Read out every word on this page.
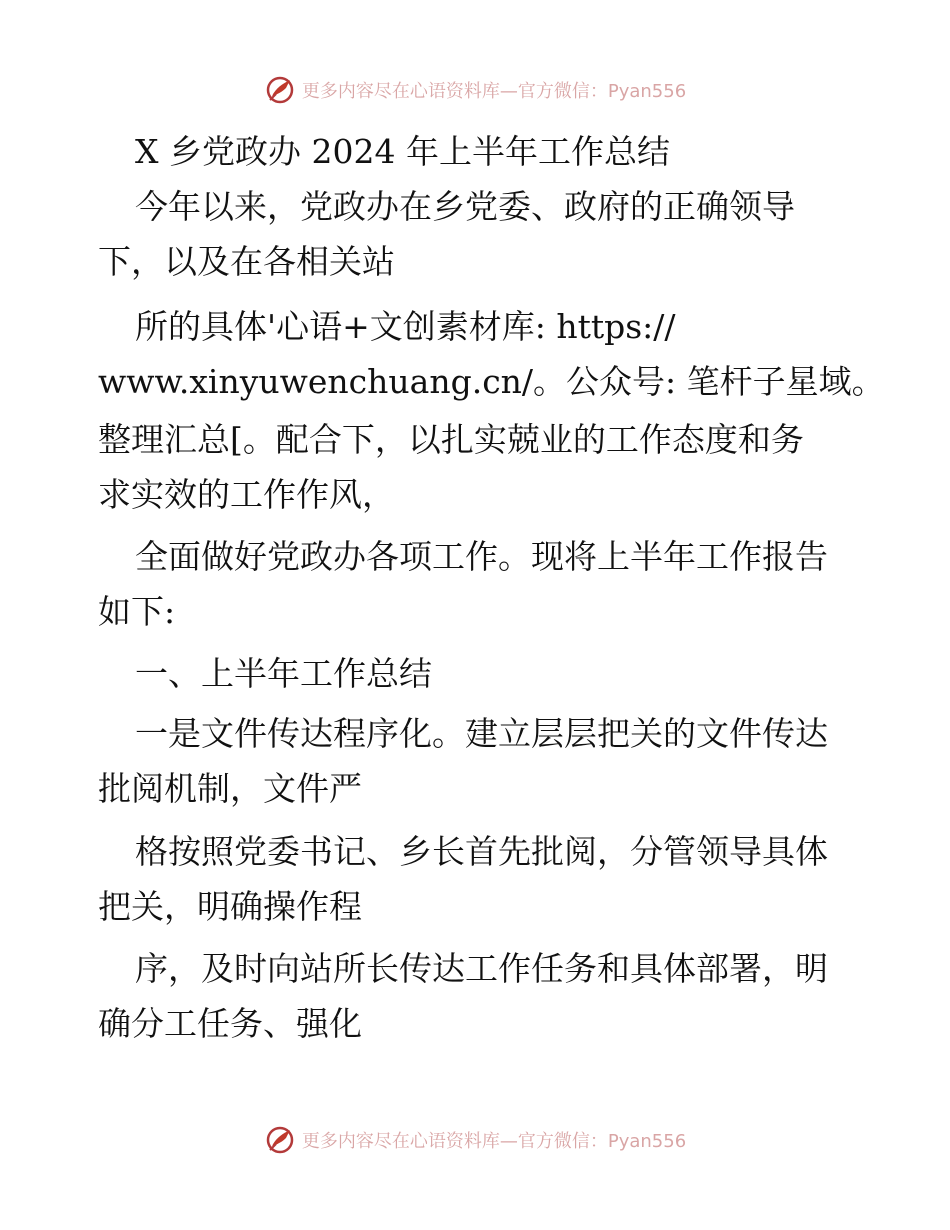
更多内容尽在心语资料库— 官方微信：Pyan556
X 乡党政办 2024 年上半年工作总结
今年以来，党政办在乡党委、政府的正确领导
下，以及在各相关站
所的具体'心语+文创素材库: https://
www.xinyuwenchuang.cn/。公众号: 笔杆子星域。
整理汇总[。配合下，以扎实兢业的工作态度和务
求实效的工作作风，
全面做好党政办各项工作。现将上半年工作报告
如下:
一、上半年工作总结
一是文件传达程序化。建立层层把关的文件传达
批阅机制，文件严
格按照党委书记、乡长首先批阅，分管领导具体
把关，明确操作程
序，及时向站所长传达工作任务和具体部署，明
确分工任务、强化
更多内容尽在心语资料库— 官方微信：Pyan556
